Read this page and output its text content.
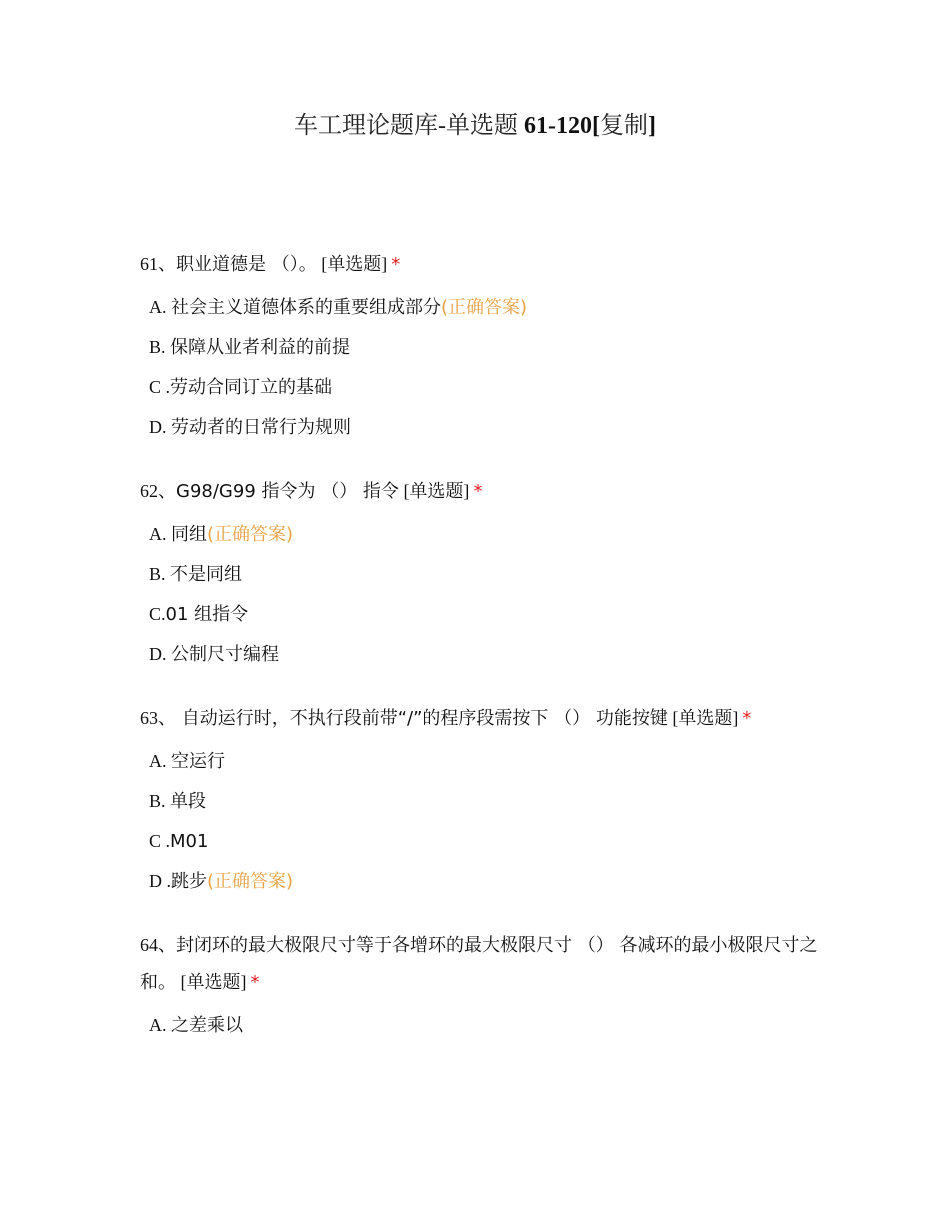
车工理论题库-单选题 61-120[复制]

61、职业道德是 （）。 [单选题] *

A. 社会主义道德体系的重要组成部分(正确答案)
B. 保障从业者利益的前提
C .劳动合同订立的基础
D. 劳动者的日常行为规则

62、G98/G99 指令为 （） 指令 [单选题] *

A. 同组(正确答案)
B. 不是同组
C.01 组指令
D. 公制尺寸编程

63、 自动运行时，不执行段前带“/”的程序段需按下 （） 功能按键 [单选题] *

A. 空运行
B. 单段
C .M01
D .跳步(正确答案)

64、封闭环的最大极限尺寸等于各增环的最大极限尺寸 （） 各减环的最小极限尺寸之和。 [单选题] *

A. 之差乘以
